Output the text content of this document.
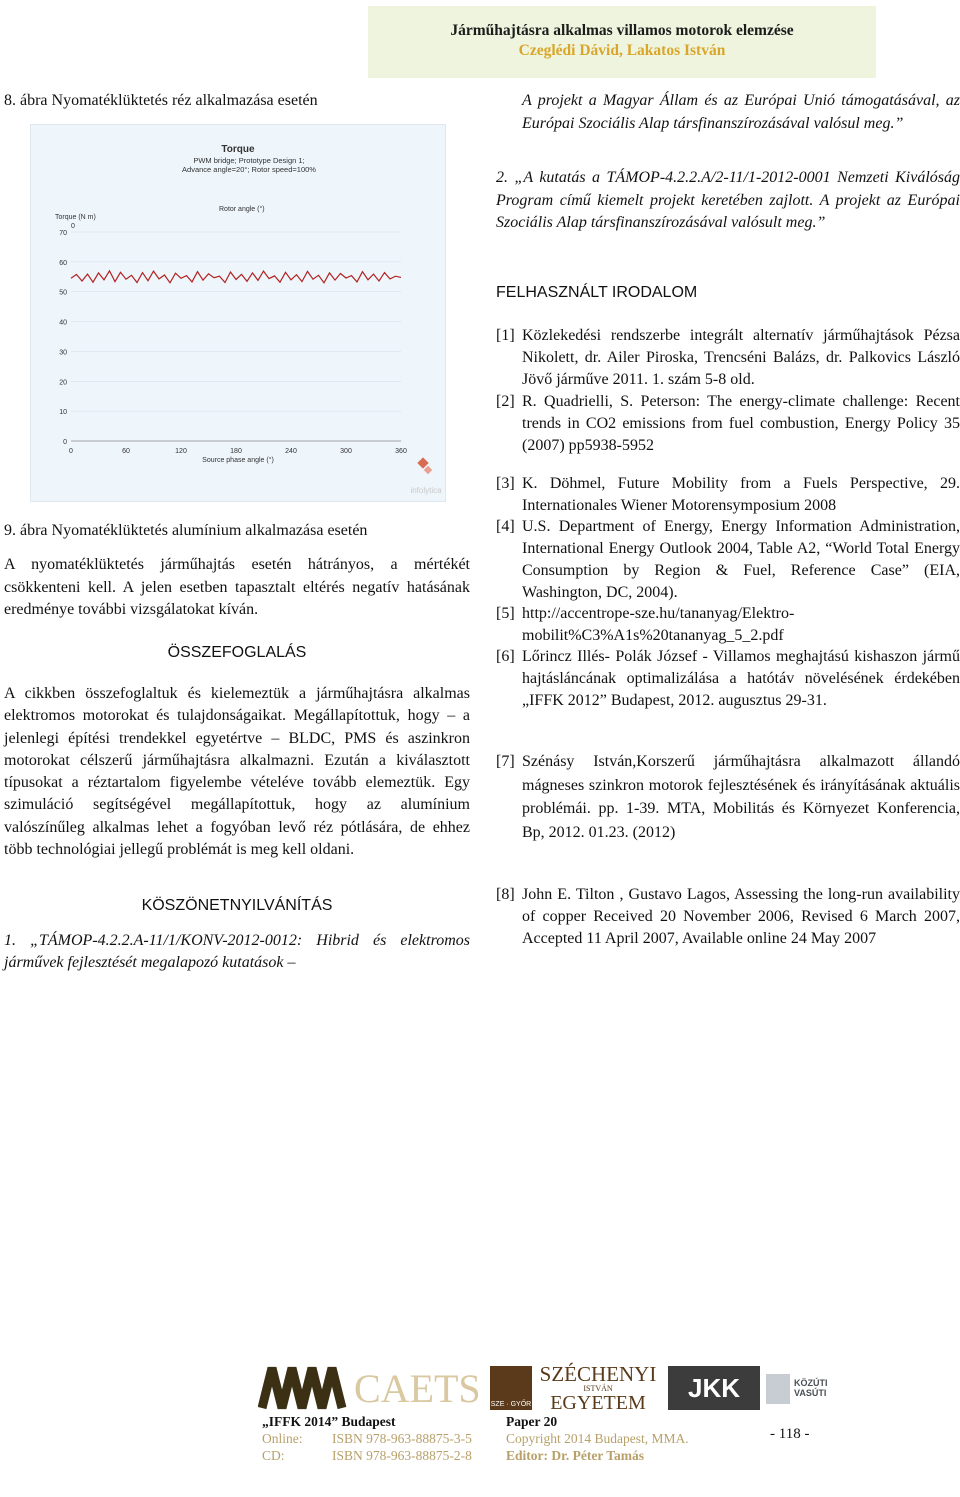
Járműhajtásra alkalmas villamos motorok elemzése
Czeglédi Dávid, Lakatos István
8. ábra Nyomatéklüktetés réz alkalmazása esetén
Torque
PWM bridge; Prototype Design 1;
Advance angle=20°; Rotor speed=100%
Rotor angle (°)
Torque (N m)
0
Source phase angle (°)
70
60
50
40
30
20
10
0
0	60	120	180	240	300	360
infolytica
9. ábra Nyomatéklüktetés alumínium alkalmazása esetén
A nyomatéklüktetés járműhajtás esetén hátrányos, a mértékét csökkenteni kell. A jelen esetben tapasztalt eltérés negatív hatásának eredménye további vizsgálatokat kíván.
ÖSSZEFOGLALÁS
A cikkben összefoglaltuk és kielemeztük a járműhajtásra alkalmas elektromos motorokat és tulajdonságaikat. Megállapítottuk, hogy – a jelenlegi építési trendekkel egyetértve – BLDC, PMS és aszinkron motorokat célszerű járműhajtásra alkalmazni. Ezután a kiválasztott típusokat a réztartalom figyelembe vételéve tovább elemeztük. Egy szimuláció segítségével megállapítottuk, hogy az alumínium valószínűleg alkalmas lehet a fogyóban levő réz pótlására, de ehhez több technológiai jellegű problémát is meg kell oldani.
KÖSZÖNETNYILVÁNÍTÁS
1. „TÁMOP-4.2.2.A-11/1/KONV-2012-0012: Hibrid és elektromos járművek fejlesztését megalapozó kutatások –
A projekt a Magyar Állam és az Európai Unió támogatásával, az Európai Szociális Alap társfinanszírozásával valósul meg.”
2. „A kutatás a TÁMOP-4.2.2.A/2-11/1-2012-0001 Nemzeti Kiválóság Program című kiemelt projekt keretében zajlott. A projekt az Európai Szociális Alap társfinanszírozásával valósult meg.”
FELHASZNÁLT IRODALOM
[1] Közlekedési rendszerbe integrált alternatív járműhajtások Pézsa Nikolett, dr. Ailer Piroska, Trencséni Balázs, dr. Palkovics László Jövő járműve 2011. 1. szám 5-8 old.
[2] R. Quadrielli, S. Peterson: The energy-climate challenge: Recent trends in CO2 emissions from fuel combustion, Energy Policy 35 (2007) pp5938-5952
[3] K. Döhmel, Future Mobility from a Fuels Perspective, 29. Internationales Wiener Motorensymposium 2008
[4] U.S. Department of Energy, Energy Information Administration, International Energy Outlook 2004, Table A2, “World Total Energy Consumption by Region & Fuel, Reference Case” (EIA, Washington, DC, 2004).
[5] http://accentrope-sze.hu/tananyag/Elektro-mobilit%C3%A1s%20tananyag_5_2.pdf
[6] Lőrincz Illés- Polák József - Villamos meghajtású kishaszon jármű hajtásláncának optimalizálása a hatótáv növelésének érdekében „IFFK 2012” Budapest, 2012. augusztus 29-31.
[7] Szénásy István,Korszerű járműhajtásra alkalmazott állandó mágneses szinkron motorok fejlesztésének és irányításának aktuális problémái. pp. 1-39. MTA, Mobilitás és Környezet Konferencia, Bp, 2012. 01.23. (2012)
[8] John E. Tilton , Gustavo Lagos, Assessing the long-run availability of copper Received 20 November 2006, Revised 6 March 2007, Accepted 11 April 2007, Available online 24 May 2007
CAETS SZE · GYŐR
SZÉCHENYI
ISTVÁN
EGYETEM	JKK	KÖZÚTI VASÚTI
„IFFK 2014” Budapest
Online: ISBN 978-963-88875-3-5
CD:	ISBN 978-963-88875-2-8
Paper 20
Copyright 2014 Budapest, MMA.
Editor: Dr. Péter Tamás
- 118 -
